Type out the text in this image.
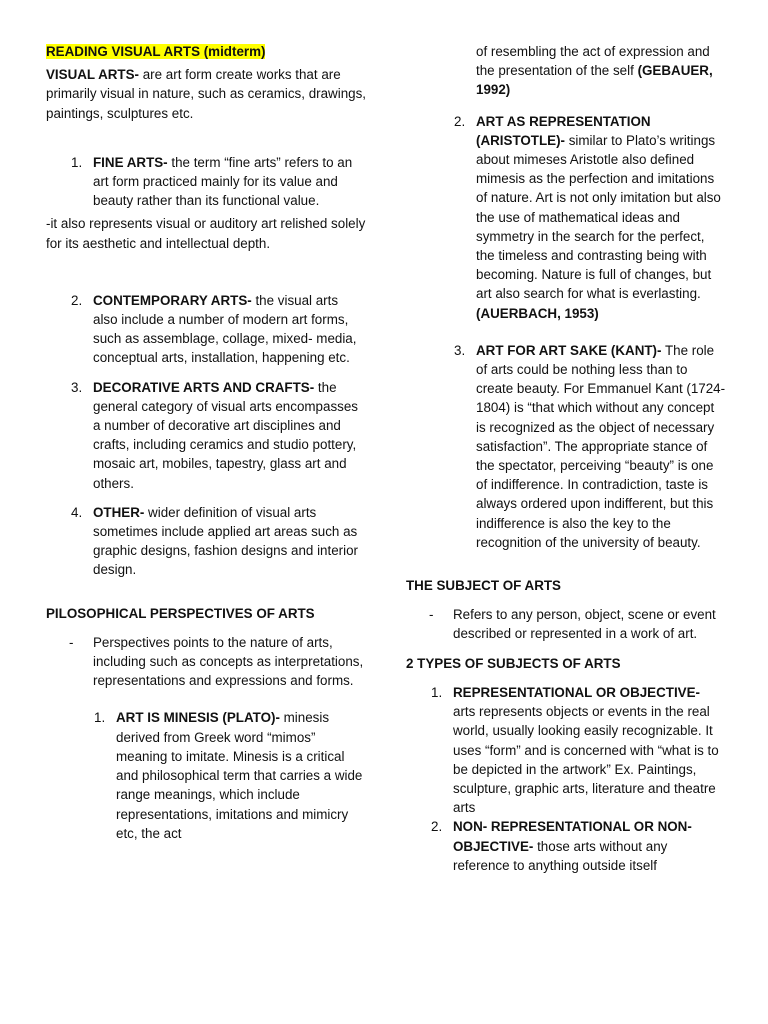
READING VISUAL ARTS (midterm)

VISUAL ARTS- are art form create works that are primarily visual in nature, such as ceramics, drawings, paintings, sculptures etc.

1. FINE ARTS- the term “fine arts” refers to an art form practiced mainly for its value and beauty rather than its functional value.

-it also represents visual or auditory art relished solely for its aesthetic and intellectual depth.

2. CONTEMPORARY ARTS- the visual arts also include a number of modern art forms, such as assemblage, collage, mixed- media, conceptual arts, installation, happening etc.

3. DECORATIVE ARTS AND CRAFTS- the general category of visual arts encompasses a number of decorative art disciplines and crafts, including ceramics and studio pottery, mosaic art, mobiles, tapestry, glass art and others.

4. OTHER- wider definition of visual arts sometimes include applied art areas such as graphic designs, fashion designs and interior design.

PILOSOPHICAL PERSPECTIVES OF ARTS

- Perspectives points to the nature of arts, including such as concepts as interpretations, representations and expressions and forms.

1. ART IS MINESIS (PLATO)- minesis derived from Greek word “mimos” meaning to imitate. Minesis is a critical and philosophical term that carries a wide range meanings, which include representations, imitations and mimicry etc, the act

of resembling the act of expression and the presentation of the self (GEBAUER, 1992)

2. ART AS REPRESENTATION (ARISTOTLE)- similar to Plato’s writings about mimeses Aristotle also defined mimesis as the perfection and imitations of nature. Art is not only imitation but also the use of mathematical ideas and symmetry in the search for the perfect, the timeless and contrasting being with becoming. Nature is full of changes, but art also search for what is everlasting. (AUERBACH, 1953)

3. ART FOR ART SAKE (KANT)- The role of arts could be nothing less than to create beauty. For Emmanuel Kant (1724- 1804) is “that which without any concept is recognized as the object of necessary satisfaction”. The appropriate stance of the spectator, perceiving “beauty” is one of indifference. In contradiction, taste is always ordered upon indifferent, but this indifference is also the key to the recognition of the university of beauty.

THE SUBJECT OF ARTS

- Refers to any person, object, scene or event described or represented in a work of art.

2 TYPES OF SUBJECTS OF ARTS

1. REPRESENTATIONAL OR OBJECTIVE- arts represents objects or events in the real world, usually looking easily recognizable. It uses “form” and is concerned with “what is to be depicted in the artwork” Ex. Paintings, sculpture, graphic arts, literature and theatre arts

2. NON- REPRESENTATIONAL OR NON-OBJECTIVE- those arts without any reference to anything outside itself
